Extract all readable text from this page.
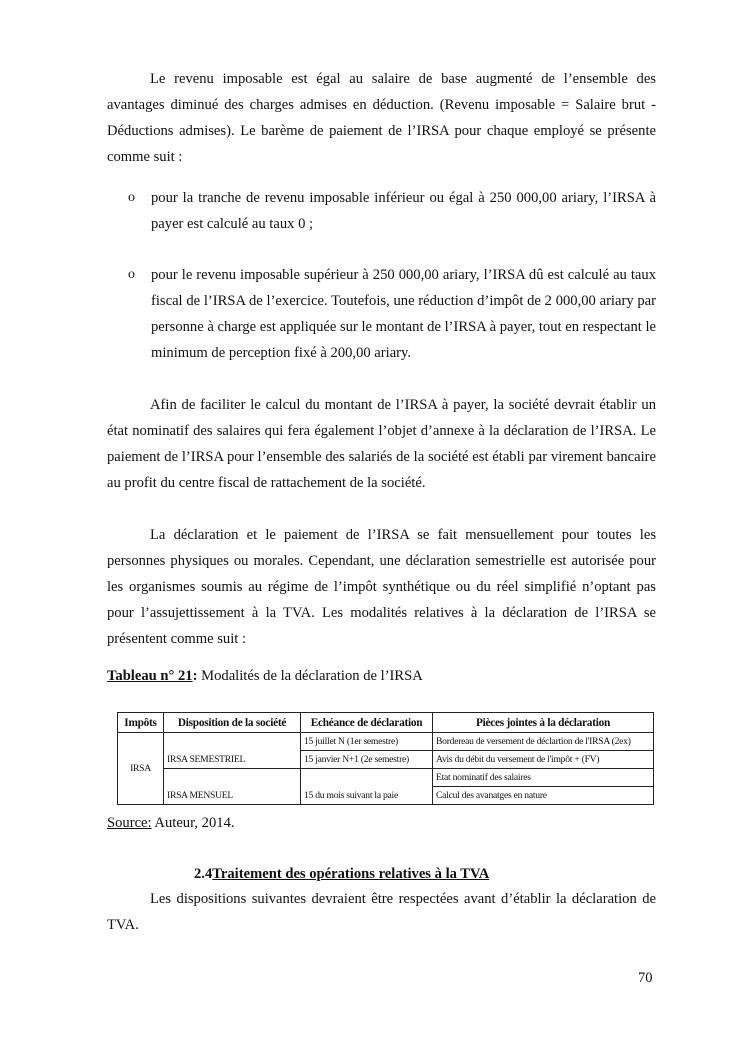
Le revenu imposable est égal au salaire de base augmenté de l’ensemble des avantages diminué des charges admises en déduction. (Revenu imposable = Salaire brut - Déductions admises). Le barème de paiement de l’IRSA pour chaque employé se présente comme suit :

o pour la tranche de revenu imposable inférieur ou égal à 250 000,00 ariary, l’IRSA à payer est calculé au taux 0 ;

o pour le revenu imposable supérieur à 250 000,00 ariary, l’IRSA dû est calculé au taux fiscal de l’IRSA de l’exercice. Toutefois, une réduction d’impôt de 2 000,00 ariary par personne à charge est appliquée sur le montant de l’IRSA à payer, tout en respectant le minimum de perception fixé à 200,00 ariary.

Afin de faciliter le calcul du montant de l’IRSA à payer, la société devrait établir un état nominatif des salaires qui fera également l’objet d’annexe à la déclaration de l’IRSA. Le paiement de l’IRSA pour l’ensemble des salariés de la société est établi par virement bancaire au profit du centre fiscal de rattachement de la société.

La déclaration et le paiement de l’IRSA se fait mensuellement pour toutes les personnes physiques ou morales. Cependant, une déclaration semestrielle est autorisée pour les organismes soumis au régime de l’impôt synthétique ou du réel simplifié n’optant pas pour l’assujettissement à la TVA. Les modalités relatives à la déclaration de l’IRSA se présentent comme suit :

Tableau n° 21: Modalités de la déclaration de l’IRSA
Impôts	Disposition de la société	Echéance de déclaration	Pièces jointes à la déclaration
IRSA		15 juillet N (1er semestre)	Bordereau de versement de déclartion de l'IRSA (2ex)
	IRSA SEMESTRIEL	15 janvier N+1 (2e semestre)	Avis du débit du versement de l'impôt + (FV)
			Etat nominatif des salaires
	IRSA MENSUEL	15 du mois suivant la paie	Calcul des avanatges en nature
Source: Auteur, 2014.
2.4Traitement des opérations relatives à la TVA

Les dispositions suivantes devraient être respectées avant d’établir la déclaration de TVA.

70
